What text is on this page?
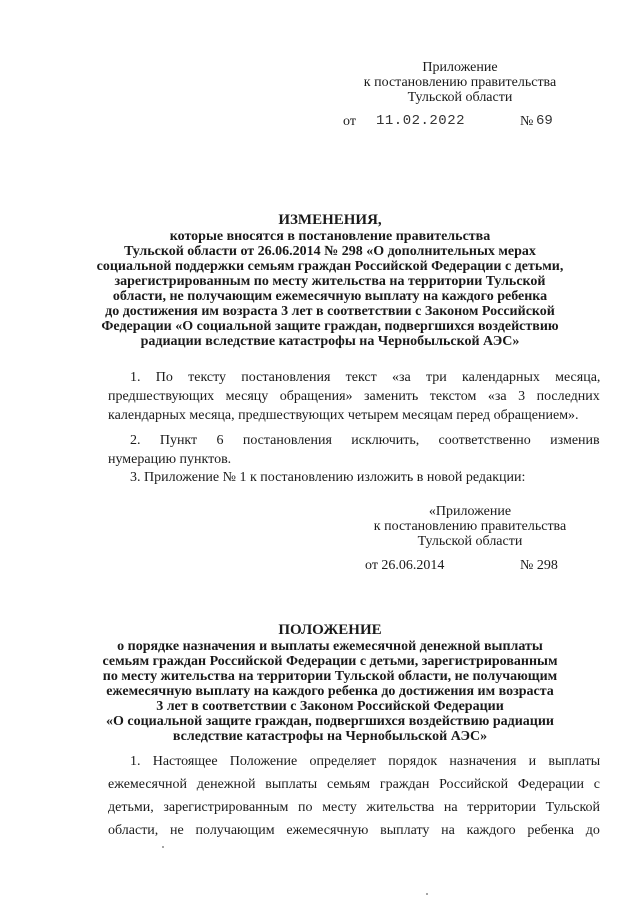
Приложение
к постановлению правительства
Тульской области
от 11.02.2022	№ 69
ИЗМЕНЕНИЯ,
которые вносятся в постановление правительства
Тульской области от 26.06.2014 № 298 «О дополнительных мерах
социальной поддержки семьям граждан Российской Федерации с детьми,
зарегистрированным по месту жительства на территории Тульской
области, не получающим ежемесячную выплату на каждого ребенка
до достижения им возраста 3 лет в соответствии с Законом Российской
Федерации «О социальной защите граждан, подвергшихся воздействию
радиации вследствие катастрофы на Чернобыльской АЭС»
1. По тексту постановления текст «за три календарных месяца,
предшествующих месяцу обращения» заменить текстом «за 3 последних
календарных месяца, предшествующих четырем месяцам перед обращением».
2. Пункт 6 постановления исключить, соответственно изменив
нумерацию пунктов.
3. Приложение № 1 к постановлению изложить в новой редакции:
«Приложение
к постановлению правительства
Тульской области
от 26.06.2014	№ 298
ПОЛОЖЕНИЕ
о порядке назначения и выплаты ежемесячной денежной выплаты
семьям граждан Российской Федерации с детьми, зарегистрированным
по месту жительства на территории Тульской области, не получающим
ежемесячную выплату на каждого ребенка до достижения им возраста
3 лет в соответствии с Законом Российской Федерации
«О социальной защите граждан, подвергшихся воздействию радиации
вследствие катастрофы на Чернобыльской АЭС»
1. Настоящее Положение определяет порядок назначения и выплаты
ежемесячной денежной выплаты семьям граждан Российской Федерации с
детьми, зарегистрированным по месту жительства на территории Тульской
области, не получающим ежемесячную выплату на каждого ребенка до
